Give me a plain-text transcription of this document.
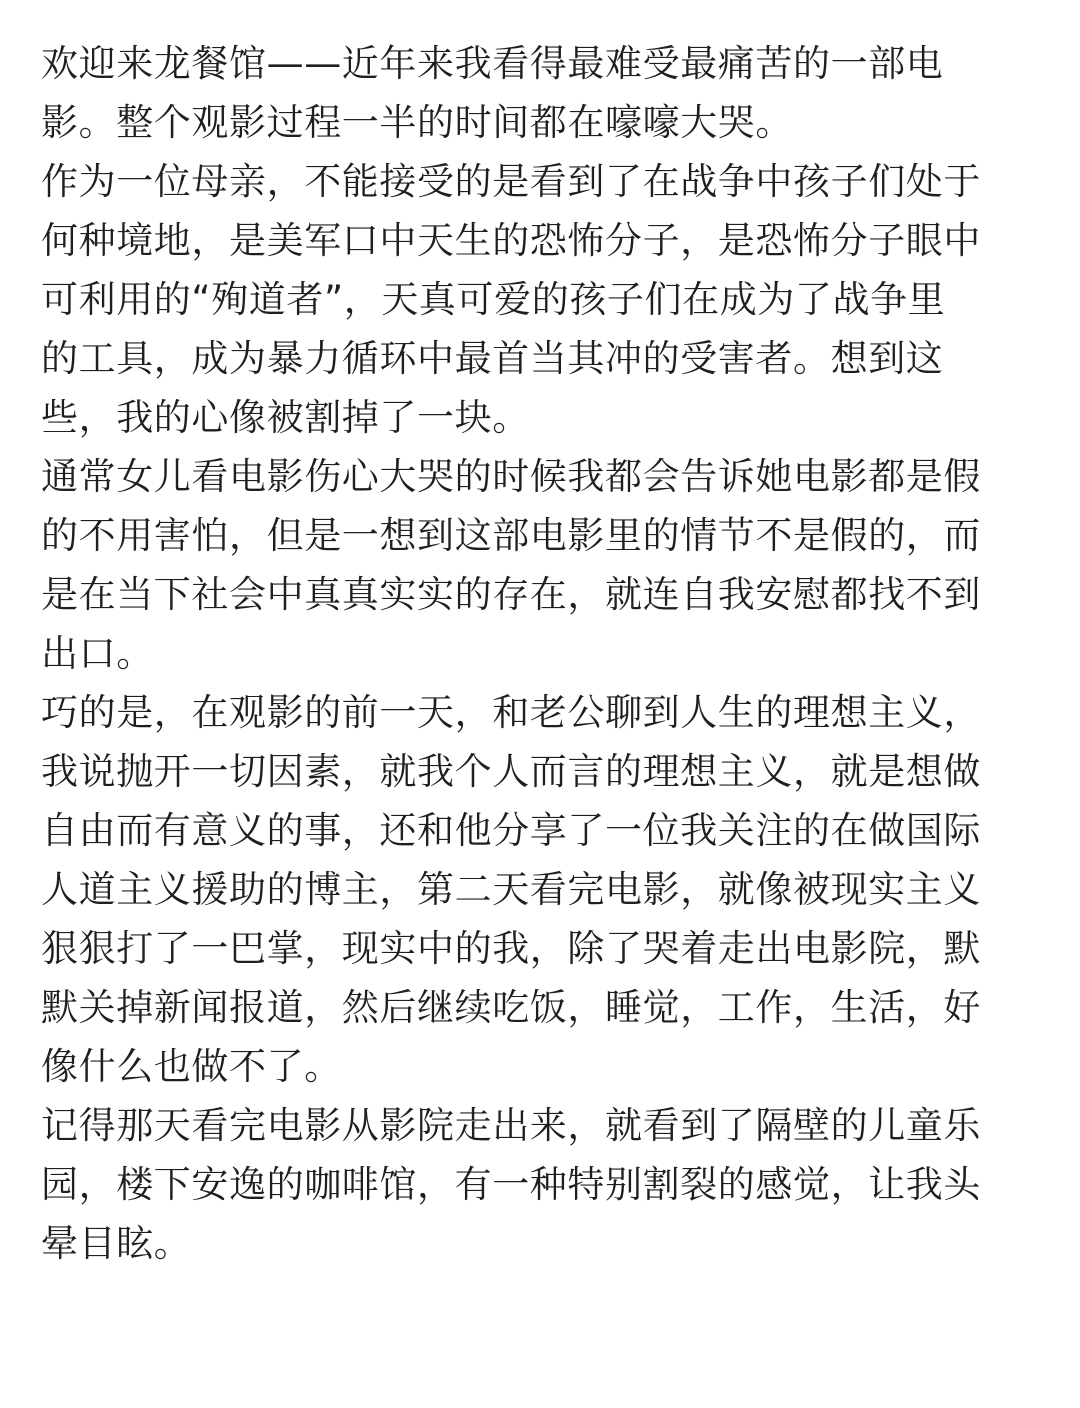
欢迎来龙餐馆——近年来我看得最难受最痛苦的一部电
影。整个观影过程一半的时间都在嚎嚎大哭。

作为一位母亲，不能接受的是看到了在战争中孩子们处于
何种境地，是美军口中天生的恐怖分子，是恐怖分子眼中
可利用的“殉道者”，天真可爱的孩子们在成为了战争里
的工具，成为暴力循环中最首当其冲的受害者。想到这
些，我的心像被割掉了一块。

通常女儿看电影伤心大哭的时候我都会告诉她电影都是假
的不用害怕，但是一想到这部电影里的情节不是假的，而
是在当下社会中真真实实的存在，就连自我安慰都找不到
出口。

巧的是，在观影的前一天，和老公聊到人生的理想主义，
我说抛开一切因素，就我个人而言的理想主义，就是想做
自由而有意义的事，还和他分享了一位我关注的在做国际
人道主义援助的博主，第二天看完电影，就像被现实主义
狠狠打了一巴掌，现实中的我，除了哭着走出电影院，默
默关掉新闻报道，然后继续吃饭，睡觉，工作，生活，好
像什么也做不了。

记得那天看完电影从影院走出来，就看到了隔壁的儿童乐
园，楼下安逸的咖啡馆，有一种特别割裂的感觉，让我头
晕目眩。
